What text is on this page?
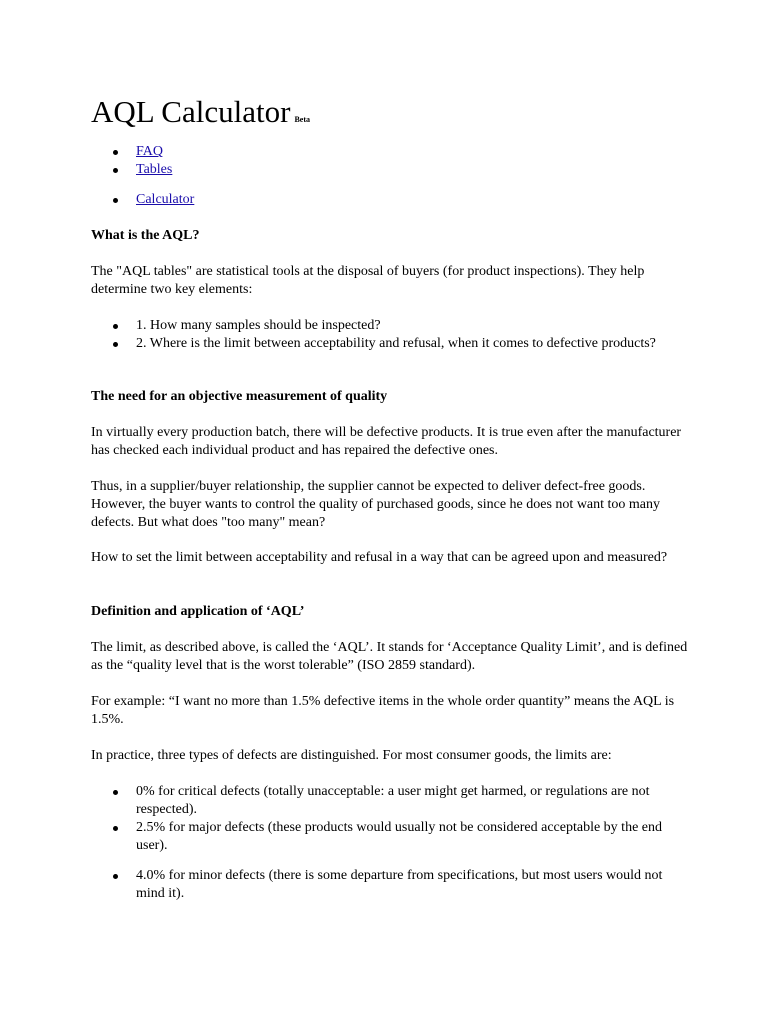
AQL Calculator Beta
FAQ
Tables
Calculator

What is the AQL?

The "AQL tables" are statistical tools at the disposal of buyers (for product inspections). They help determine two key elements:

1. How many samples should be inspected?
2. Where is the limit between acceptability and refusal, when it comes to defective products?

The need for an objective measurement of quality

In virtually every production batch, there will be defective products. It is true even after the manufacturer has checked each individual product and has repaired the defective ones.

Thus, in a supplier/buyer relationship, the supplier cannot be expected to deliver defect-free goods. However, the buyer wants to control the quality of purchased goods, since he does not want too many defects. But what does "too many" mean?

How to set the limit between acceptability and refusal in a way that can be agreed upon and measured?

Definition and application of ‘AQL’

The limit, as described above, is called the ‘AQL’. It stands for ‘Acceptance Quality Limit’, and is defined as the “quality level that is the worst tolerable” (ISO 2859 standard).

For example: “I want no more than 1.5% defective items in the whole order quantity” means the AQL is 1.5%.

In practice, three types of defects are distinguished. For most consumer goods, the limits are:

0% for critical defects (totally unacceptable: a user might get harmed, or regulations are not respected).
2.5% for major defects (these products would usually not be considered acceptable by the end user).
4.0% for minor defects (there is some departure from specifications, but most users would not mind it).
